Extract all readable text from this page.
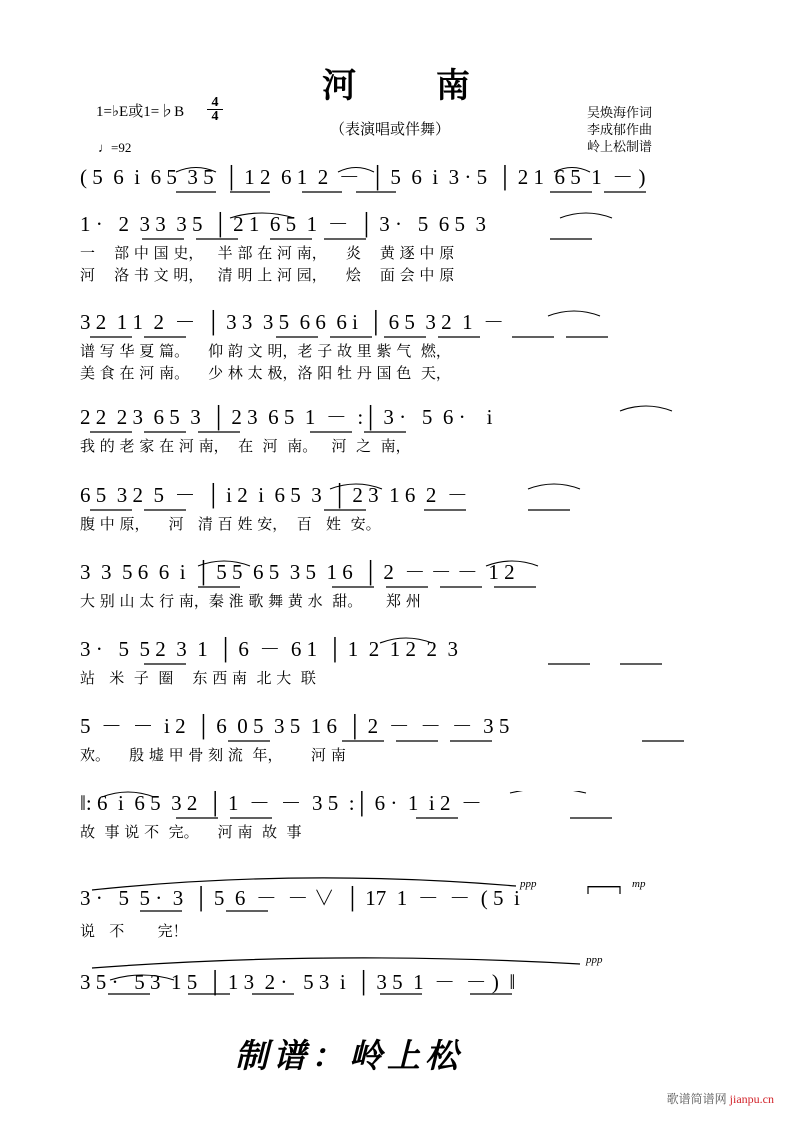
河 南
1=♭E或1=♭B $\frac{4}{4}$
♩=92
（表演唱或伴舞）
吴焕海作词
李成郁作曲
岭上松制谱
( 5  6  i  6 5  3 5  │ 1 2  6 1  2  －  │ 5  6  i  3 · 5  │ 2 1  6 5  1  － )
1 ·   2  3 3  3 5  │ 2 1  6 5  1  －  │ 3 ·   5  6 5  3
一    部 中 国 史，   半 部 在 河 南，    炎    黄 逐 中 原
河    洛 书 文 明，   清 明 上 河 园，    烩    面 会 中 原
3 2  1 1  2  －  │ 3 3  3 5  6 6  6 i  │ 6 5  3 2  1  －
谱 写 华 夏 篇。    仰 韵 文 明，老 子 故 里 紫 气  燃，
美 食 在 河 南。    少 林 太 极，洛 阳 牡 丹 国 色  天，
2 2  2 3  6 5  3  │ 2 3  6 5  1  －  :│ 3 ·   5  6 ·    i
我 的 老 家 在 河 南，  在  河  南。   河  之  南，
6 5  3 2  5  －  │ i 2  i  6 5  3  │ 2 3  1 6  2  －
腹 中 原，    河   清 百 姓 安，  百   姓  安。
3  3  5 6  6  i  │ 5 5  6 5  3 5  1 6  │ 2  － － －  1 2
大 别 山 太 行 南，秦 淮 歌 舞 黄 水  甜。     郑 州
3 ·   5  5 2  3  1  │ 6  －  6 1  │ 1  2  1 2  2  3
站   米  子  圈    东 西 南  北 大  联
5  －  －  i 2  │ 6  0 5  3 5  1 6  │ 2  －  －  －  3 5
欢。    殷 墟 甲 骨 刻 流  年，      河 南
‖: 6  i  6 5  3 2  │ 1  －  －  3 5  :│ 6 ·  1  i 2  －
故  事 说 不  完。    河 南  故  事
3 ·   5  5 ·  3  │ 5  6  －  － ∨  │ 17  1  －  －  ( 5  i
ppp	mp
说   不       完！
3 5 ·   5 3  1 5  │ 1 3  2 ·   5 3  i  │ 3 5  1  －  － )  ‖
ppp
制谱：岭上松
歌谱简谱网 jianpu.cn
